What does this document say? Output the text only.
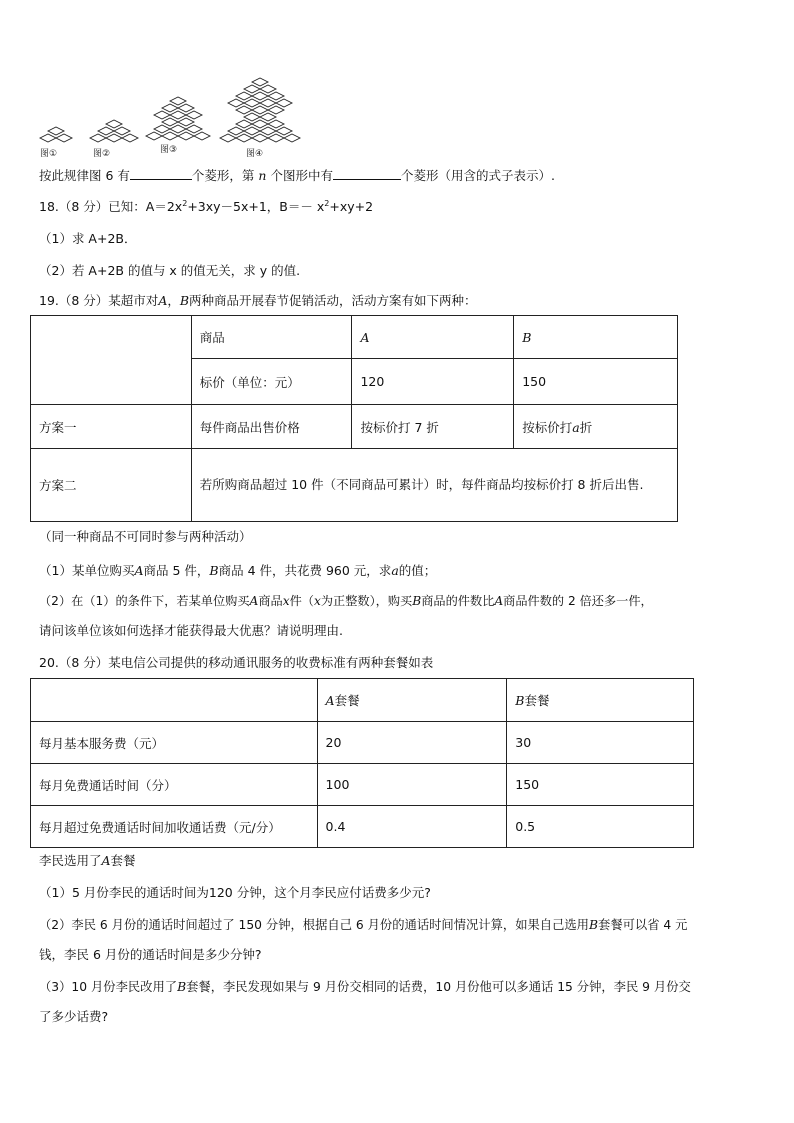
图①	图②	图③	图④
按此规律图 6 有	个菱形，第 n 个图形中有	个菱形（用含的式子表示）.
18.（8 分）已知：$A=2x^2+3xy-5x+1$，$B=- x^2+xy+2$
（1）求 A+2B．
（2）若 A+2B 的值与 x 的值无关，求 y 的值.
19.（8 分）某超市对A，B两种商品开展春节促销活动，活动方案有如下两种：
	商品	A	B
	标价（单位：元）	120	150
方案一	每件商品出售价格	按标价打 7 折	按标价打a折
方案二	若所购商品超过 10 件（不同商品可累计）时，每件商品均按标价打 8 折后出售.		
（同一种商品不可同时参与两种活动）
（1）某单位购买A商品 5 件，B商品 4 件，共花费 960 元，求a的值；
（2）在（1）的条件下，若某单位购买A商品x件（x为正整数），购买B商品的件数比A商品件数的 2 倍还多一件，
请问该单位该如何选择才能获得最大优惠？请说明理由.
20.（8 分）某电信公司提供的移动通讯服务的收费标准有两种套餐如表
	A套餐	B套餐
每月基本服务费（元）	20	30
每月免费通话时间（分）	100	150
每月超过免费通话时间加收通话费（元/分）	0.4	0.5
李民选用了A套餐
（1）5 月份李民的通话时间为120 分钟，这个月李民应付话费多少元?
（2）李民 6 月份的通话时间超过了 150 分钟，根据自己 6 月份的通话时间情况计算，如果自己选用B套餐可以省 4 元
钱，李民 6 月份的通话时间是多少分钟?
（3）10 月份李民改用了B套餐，李民发现如果与 9 月份交相同的话费，10 月份他可以多通话 15 分钟，李民 9 月份交
了多少话费?
